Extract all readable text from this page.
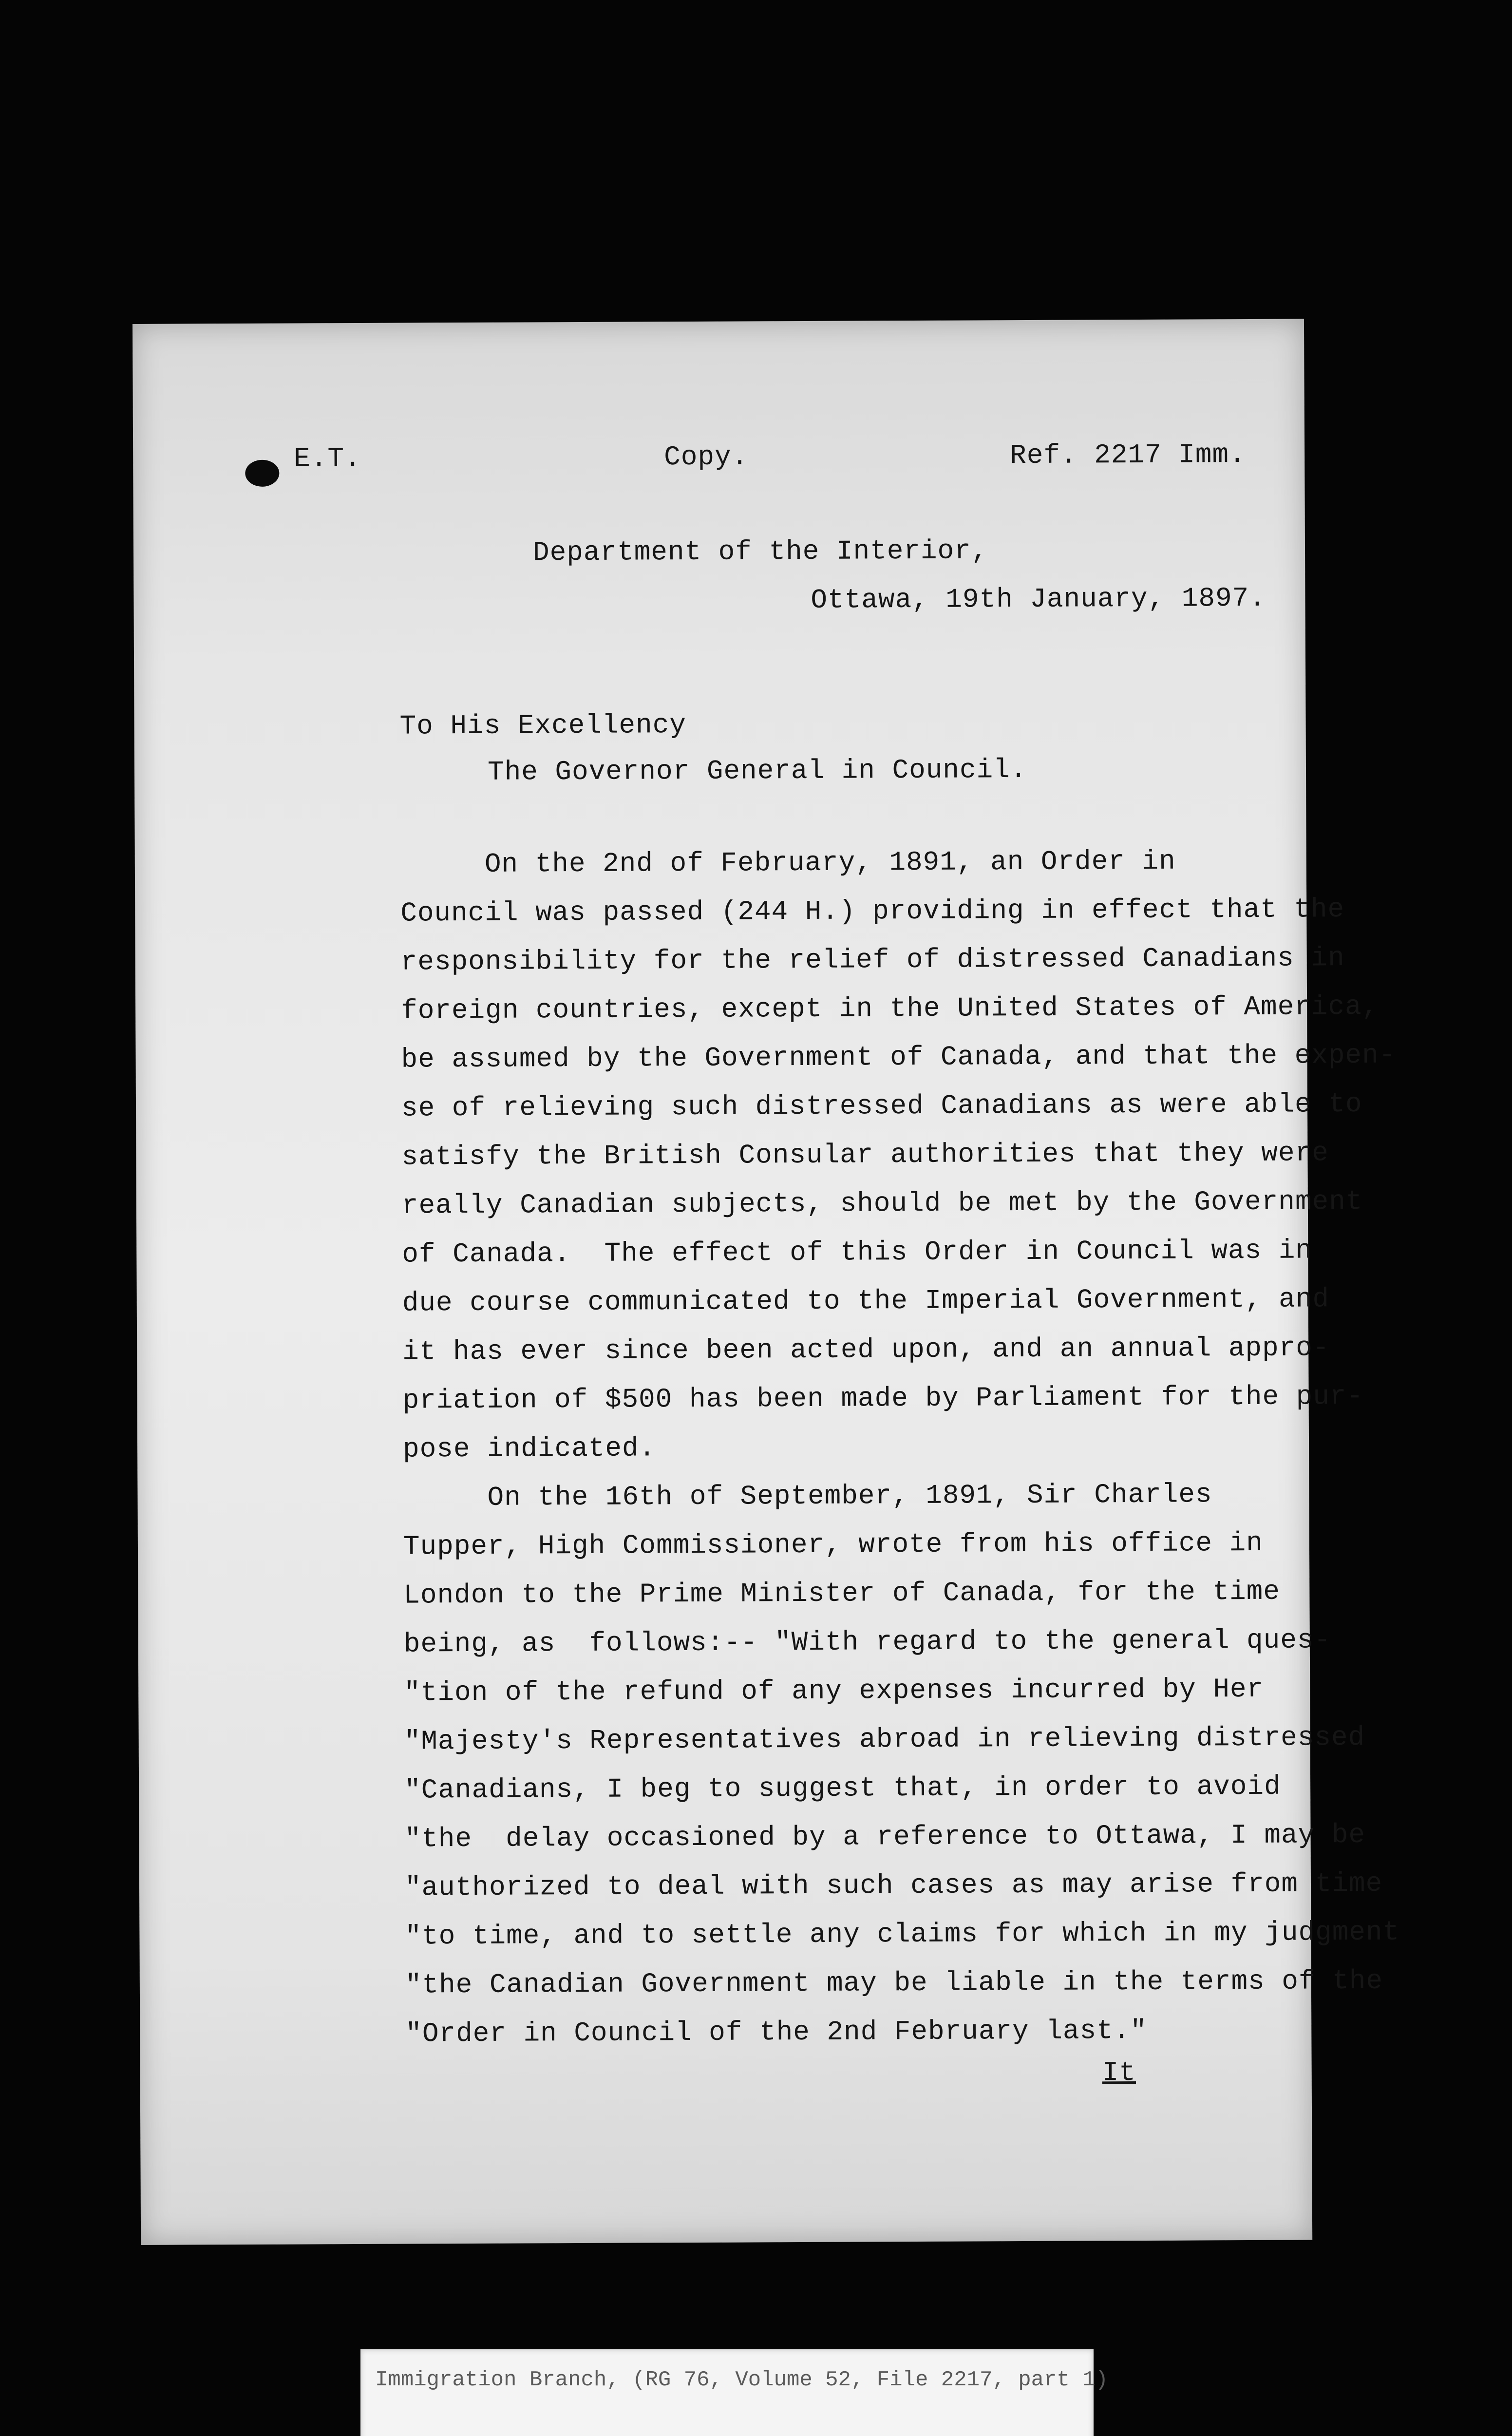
E.T.	Copy.	Ref. 2217 Imm.
Department of the Interior,
Ottawa, 19th January, 1897.
To His Excellency
The Governor General in Council.
On the 2nd of February, 1891, an Order in
Council was passed (244 H.) providing in effect that the
responsibility for the relief of distressed Canadians in
foreign countries, except in the United States of America,
be assumed by the Government of Canada, and that the expen-
se of relieving such distressed Canadians as were able to
satisfy the British Consular authorities that they were
really Canadian subjects, should be met by the Government
of Canada.  The effect of this Order in Council was in
due course communicated to the Imperial Government, and
it has ever since been acted upon, and an annual appro-
priation of $500 has been made by Parliament for the pur-
pose indicated.
On the 16th of September, 1891, Sir Charles
Tupper, High Commissioner, wrote from his office in
London to the Prime Minister of Canada, for the time
being, as  follows:-- "With regard to the general ques-
"tion of the refund of any expenses incurred by Her
"Majesty's Representatives abroad in relieving distressed
"Canadians, I beg to suggest that, in order to avoid
"the  delay occasioned by a reference to Ottawa, I may be
"authorized to deal with such cases as may arise from time
"to time, and to settle any claims for which in my judgment
"the Canadian Government may be liable in the terms of the
"Order in Council of the 2nd February last."
It
Immigration Branch, (RG 76, Volume 52, File 2217, part 1)
